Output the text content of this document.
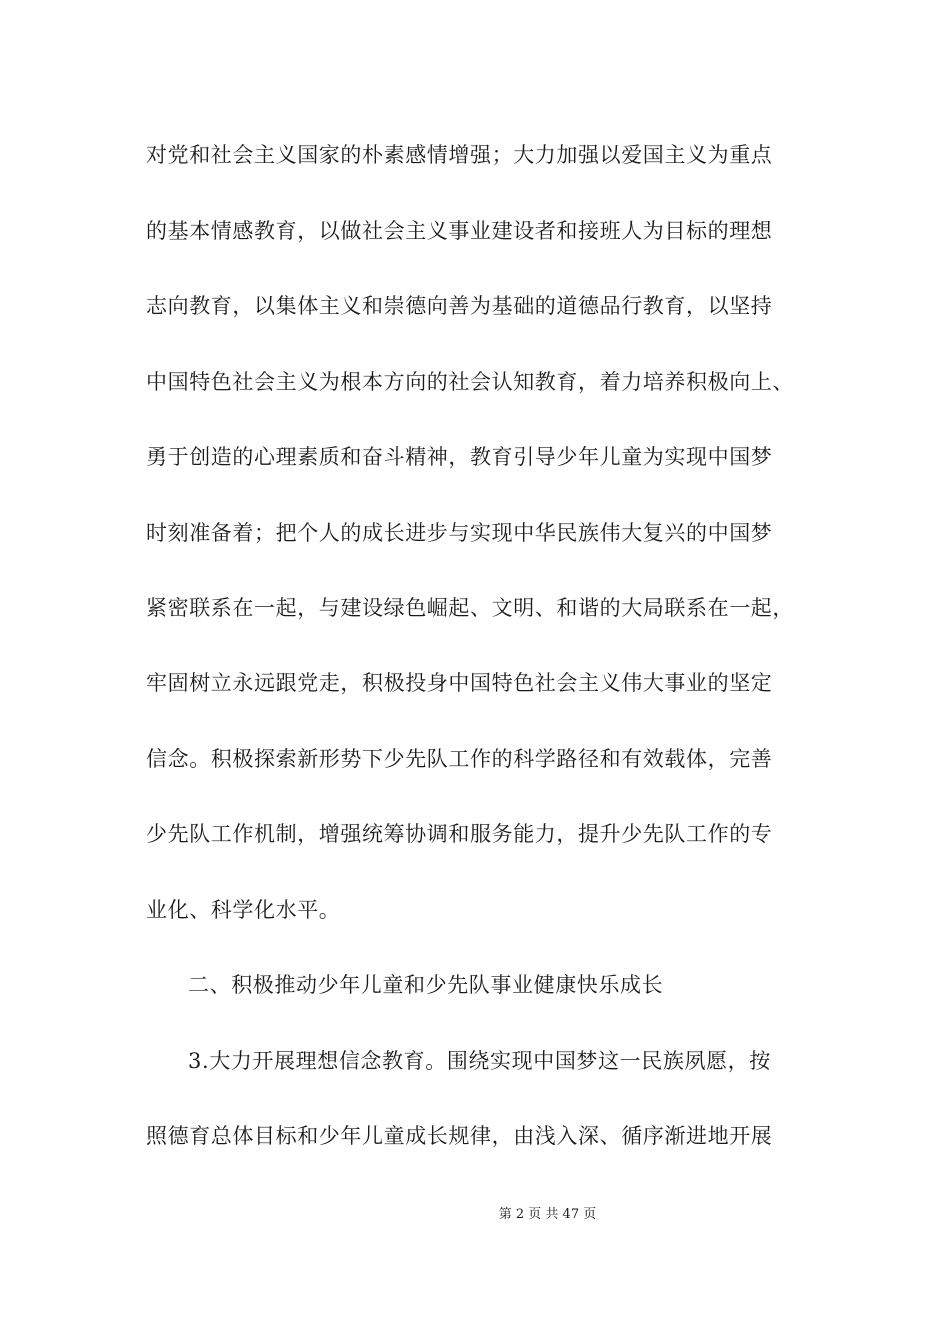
对党和社会主义国家的朴素感情增强；大力加强以爱国主义为重点
的基本情感教育，以做社会主义事业建设者和接班人为目标的理想
志向教育，以集体主义和崇德向善为基础的道德品行教育，以坚持
中国特色社会主义为根本方向的社会认知教育，着力培养积极向上、
勇于创造的心理素质和奋斗精神，教育引导少年儿童为实现中国梦
时刻准备着；把个人的成长进步与实现中华民族伟大复兴的中国梦
紧密联系在一起，与建设绿色崛起、文明、和谐的大局联系在一起，
牢固树立永远跟党走，积极投身中国特色社会主义伟大事业的坚定
信念。积极探索新形势下少先队工作的科学路径和有效载体，完善
少先队工作机制，增强统筹协调和服务能力，提升少先队工作的专
业化、科学化水平。
二、积极推动少年儿童和少先队事业健康快乐成长
3.大力开展理想信念教育。围绕实现中国梦这一民族夙愿，按
照德育总体目标和少年儿童成长规律，由浅入深、循序渐进地开展
第 2 页 共 47 页
